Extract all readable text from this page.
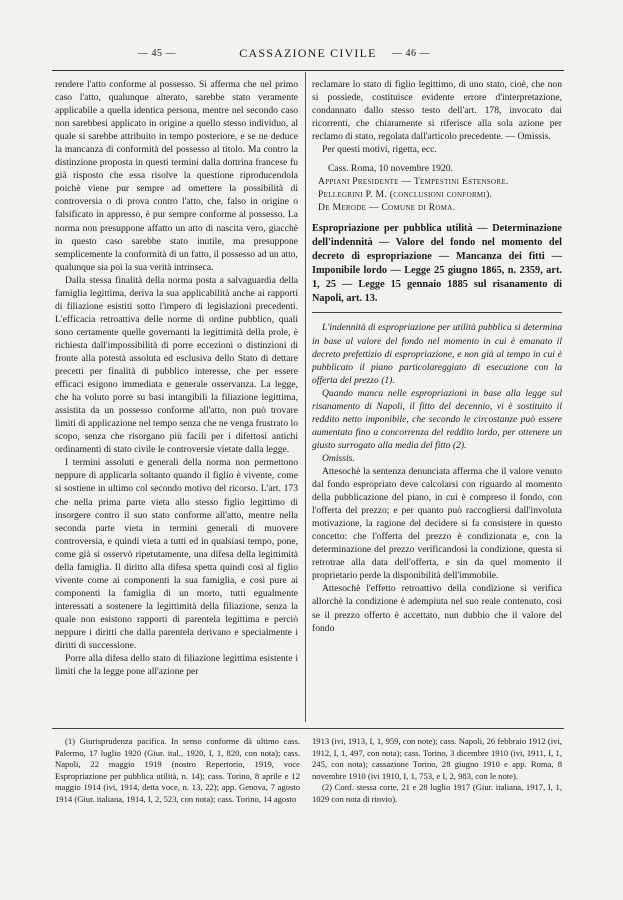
— 45 —	CASSAZIONE CIVILE	— 46 —

rendere l'atto conforme al possesso. Si afferma che nel primo caso l'atto, qualunque alterato, sarebbe stato veramente applicabile a quella identica persona, mentre nel secondo caso non sarebbesi applicato in origine a quello stesso individuo, al quale si sarebbe attribuito in tempo posteriore, e se ne deduce la mancanza di conformità del possesso al titolo. Ma contro la distinzione proposta in questi termini dalla dottrina francese fu già risposto che essa risolve la questione riproducendola poichè viene pur sempre ad omettere la possibilità di controversia o di prova contro l'atto, che, falso in origine o falsificato in appresso, è pur sempre conforme al possesso. La norma non presuppone affatto un atto di nascita vero, giacchè in questo caso sarebbe stato inutile, ma presuppone semplicemente la conformità di un fatto, il possesso ad un atto, qualunque sia poi la sua verità intrinseca.

Dalla stessa finalità della norma posta a salvaguardia della famiglia legittima, deriva la sua applicabilità anche ai rapporti di filiazione esistiti sotto l'impero di legislazioni precedenti. L'efficacia retroattiva delle norme di ordine pubblico, quali sono certamente quelle governanti la legittimità della prole, è richiesta dall'impossibilità di porre eccezioni o distinzioni di fronte alla potestà assoluta ed esclusiva dello Stato di dettare precetti per finalità di pubblico interesse, che per essere efficaci esigono immediata e generale osservanza. La legge, che ha voluto porre su basi intangibili la filiazione legittima, assistita da un possesso conforme all'atto, non può trovare limiti di applicazione nel tempo senza che ne venga frustrato lo scopo, senza che risorgano più facili per i difettosi antichi ordinamenti di stato civile le controversie vietate dalla legge.

I termini assoluti e generali della norma non permettono neppure di applicarla soltanto quando il figlio è vivente, come si sostiene in ultimo col secondo motivo del ricorso. L'art. 173 che nella prima parte vieta allo stesso figlio legittimo di insorgere contro il suo stato conforme all'atto, mentre nella seconda parte vieta in termini generali di muovere controversia, e quindi vieta a tutti ed in qualsiasi tempo, pone, come già si osservò ripetutamente, una difesa della legittimità della famiglia. Il diritto alla difesa spetta quindi così al figlio vivente come ai componenti la sua famiglia, e così pure ai componenti la famiglia di un morto, tutti egualmente interessati a sostenere la legittimità della filiazione, senza la quale non esistono rapporti di parentela legittima e perciò neppure i diritti che dalla parentela derivano e specialmente i diritti di successione.

Porre alla difesa dello stato di filiazione legittima esistente i limiti che la legge pone all'azione per

reclamare lo stato di figlio legittimo, di uno stato, cioè, che non si possiede, costituisce evidente errore d'interpretazione, condannato dallo stesso testo dell'art. 178, invocato dai ricorrenti, che chiaramente si riferisce alla sola azione per reclamo di stato, regolata dall'articolo precedente. — Omissis.

Per questi motivi, rigetta, ecc.

Cass. Roma, 10 novembre 1920.

Appiani Presidente — Tempestini Estensore.

Pellegrini P. M. (conclusioni conformi).

De Merode — Comune di Roma.

Espropriazione per pubblica utilità — Determinazione dell'indennità — Valore del fondo nel momento del decreto di espropriazione — Mancanza dei fitti — Imponibile lordo — Legge 25 giugno 1865, n. 2359, art. 1, 25 — Legge 15 gennaio 1885 sul risanamento di Napoli, art. 13.

L'indennità di espropriazione per utilità pubblica si determina in base al valore del fondo nel momento in cui è emanato il decreto prefettizio di espropriazione, e non già al tempo in cui è pubblicato il piano particolareggiato di esecuzione con la offerta del prezzo (1).

Quando manca nelle espropriazioni in base alla legge sul risanamento di Napoli, il fitto del decennio, vi è sostituito il reddito netto imponibile, che secondo le circostanze può essere aumentato fino a concorrenza del reddito lordo, per ottenere un giusto surrogato alla media del fitto (2).

Omissis.

Attesochè la sentenza denunciata afferma che il valore venuto dal fondo espropriato deve calcolarsi con riguardo al momento della pubblicazione del piano, in cui è compreso il fondo, con l'offerta del prezzo; e per quanto può raccogliersi dall'involuta motivazione, la ragione del decidere si fa consistere in questo concetto: che l'offerta del prezzo è condizionata e, con la determinazione del prezzo verificandosi la condizione, questa si retrotrae alla data dell'offerta, e sin da quel momento il proprietario perde la disponibilità dell'immobile.

Attesochè l'effetto retroattivo della condizione si verifica allorchè la condizione è adempiuta nel suo reale contenuto, così se il prezzo offerto è accettato, nun dubbio che il valore del fondo

(1) Giurisprudenza pacifica. In senso conforme dà ultimo cass. Palermo, 17 luglio 1920 (Giur. ital., 1920, I, 1, 820, con nota); cass. Napoli, 22 maggio 1919 (nostro Repertorio, 1919, voce Espropriazione per pubblica utilità, n. 14); cass. Torino, 8 aprile e 12 maggio 1914 (ivi, 1914, detta voce, n. 13, 22); app. Genova, 7 agosto 1914 (Giur. italiana, 1914, I, 2, 523, con nota); cass. Torino, 14 agosto

1913 (ivi, 1913, I, 1, 959, con note); cass. Napoli, 26 febbraio 1912 (ivi, 1912, I, 1, 497, con nota); cass. Torino, 3 dicembre 1910 (ivi, 1911, I, 1, 245, con nota); cassazione Torino, 28 giugno 1910 e app. Roma, 8 novembre 1910 (ivi 1910, I, 1, 753, e I, 2, 983, con le note).

(2) Conf. stessa corte, 21 e 28 luglio 1917 (Giur. italiana, 1917, I, 1, 1029 con nota di rinvio).
